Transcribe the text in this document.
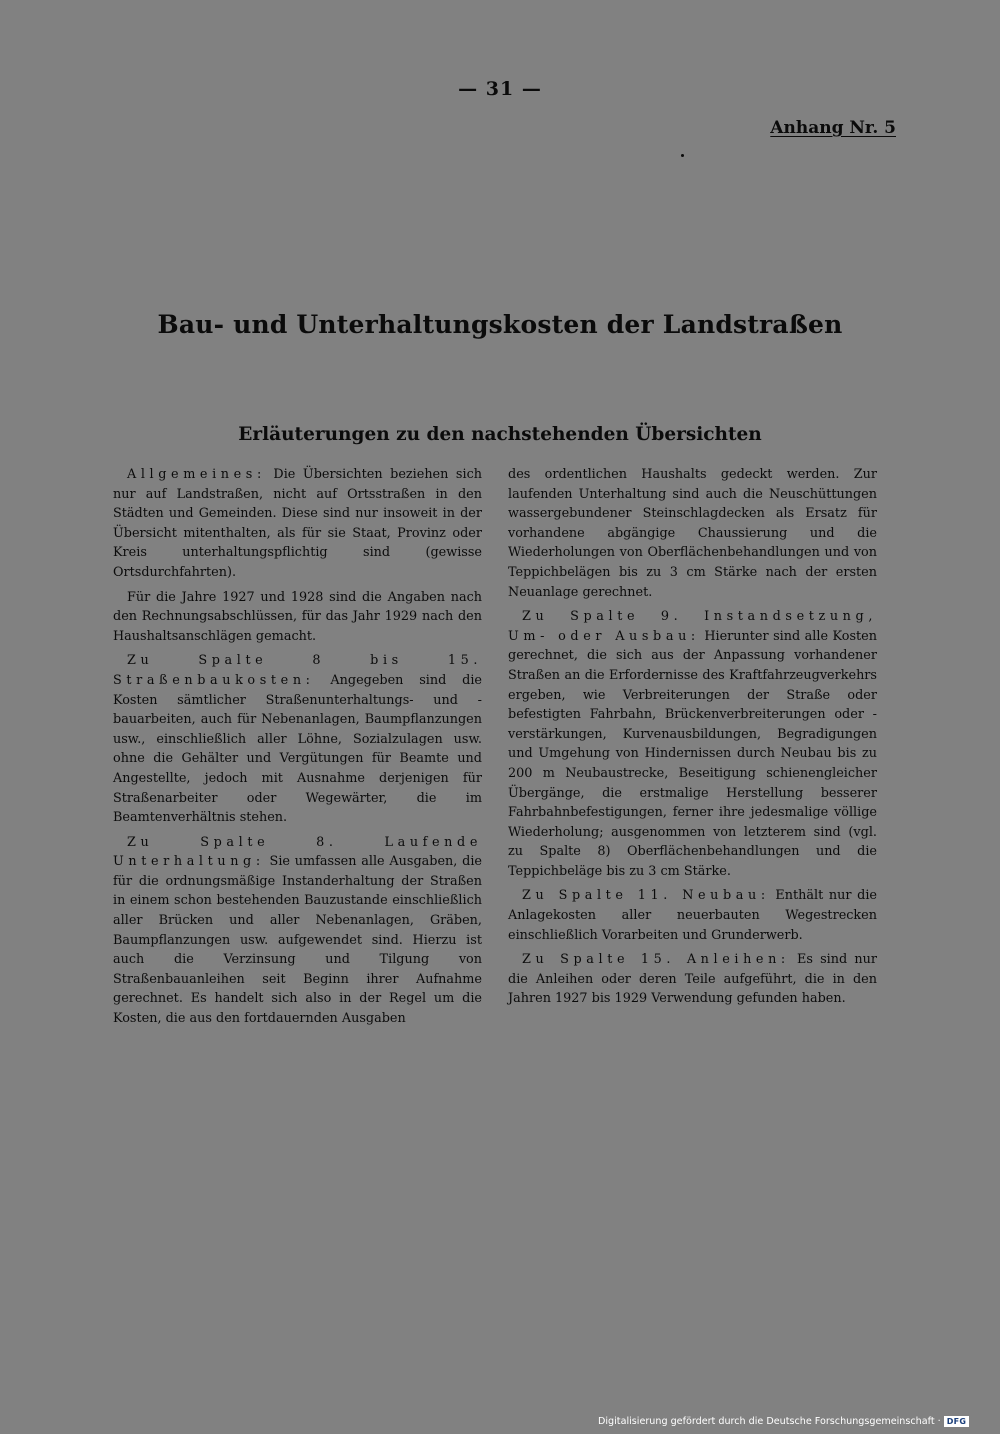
— 31 —
Anhang Nr. 5
Bau- und Unterhaltungskosten der Landstraßen
Erläuterungen zu den nachstehenden Übersichten

Allgemeines: Die Übersichten beziehen sich nur auf Landstraßen, nicht auf Ortsstraßen in den Städten und Gemeinden. Diese sind nur insoweit in der Übersicht mitenthalten, als für sie Staat, Provinz oder Kreis unterhaltungspflichtig sind (gewisse Ortsdurchfahrten).

Für die Jahre 1927 und 1928 sind die Angaben nach den Rechnungsabschlüssen, für das Jahr 1929 nach den Haushaltsanschlägen gemacht.

Zu Spalte 8 bis 15. Straßenbaukosten: Angegeben sind die Kosten sämtlicher Straßenunterhaltungs- und -bauarbeiten, auch für Nebenanlagen, Baumpflanzungen usw., einschließlich aller Löhne, Sozialzulagen usw. ohne die Gehälter und Vergütungen für Beamte und Angestellte, jedoch mit Ausnahme derjenigen für Straßenarbeiter oder Wegewärter, die im Beamtenverhältnis stehen.

Zu Spalte 8. Laufende Unterhaltung: Sie umfassen alle Ausgaben, die für die ordnungsmäßige Instanderhaltung der Straßen in einem schon bestehenden Bauzustande einschließlich aller Brücken und aller Nebenanlagen, Gräben, Baumpflanzungen usw. aufgewendet sind. Hierzu ist auch die Verzinsung und Tilgung von Straßenbauanleihen seit Beginn ihrer Aufnahme gerechnet. Es handelt sich also in der Regel um die Kosten, die aus den fortdauernden Ausgaben

des ordentlichen Haushalts gedeckt werden. Zur laufenden Unterhaltung sind auch die Neuschüttungen wassergebundener Steinschlagdecken als Ersatz für vorhandene abgängige Chaussierung und die Wiederholungen von Oberflächenbehandlungen und von Teppichbelägen bis zu 3 cm Stärke nach der ersten Neuanlage gerechnet.

Zu Spalte 9. Instandsetzung, Um- oder Ausbau: Hierunter sind alle Kosten gerechnet, die sich aus der Anpassung vorhandener Straßen an die Erfordernisse des Kraftfahrzeugverkehrs ergeben, wie Verbreiterungen der Straße oder befestigten Fahrbahn, Brückenverbreiterungen oder -verstärkungen, Kurvenausbildungen, Begradigungen und Umgehung von Hindernissen durch Neubau bis zu 200 m Neubaustrecke, Beseitigung schienengleicher Übergänge, die erstmalige Herstellung besserer Fahrbahnbefestigungen, ferner ihre jedesmalige völlige Wiederholung; ausgenommen von letzterem sind (vgl. zu Spalte 8) Oberflächenbehandlungen und die Teppichbeläge bis zu 3 cm Stärke.

Zu Spalte 11. Neubau: Enthält nur die Anlagekosten aller neuerbauten Wegestrecken einschließlich Vorarbeiten und Grunderwerb.

Zu Spalte 15. Anleihen: Es sind nur die Anleihen oder deren Teile aufgeführt, die in den Jahren 1927 bis 1929 Verwendung gefunden haben.

Digitalisierung gefördert durch die Deutsche Forschungsgemeinschaft · DFG
